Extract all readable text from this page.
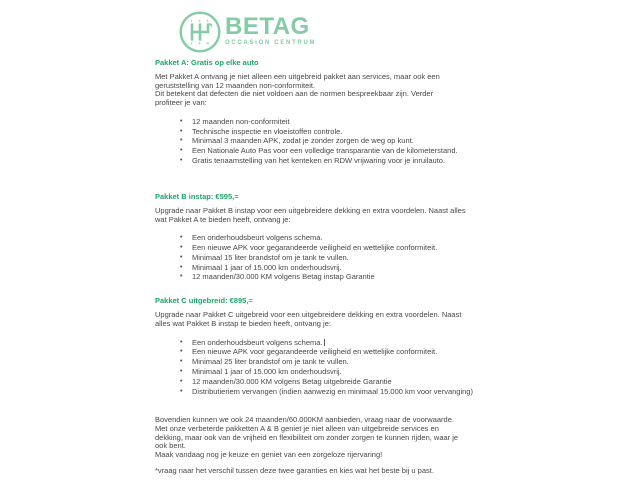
1 3 5
2 4 R
BETAG
OCCASION CENTRUM
Pakket A: Gratis op elke auto
Met Pakket A ontvang je niet alleen een uitgebreid pakket aan services, maar ook een
geruststelling van 12 maanden non-conformiteit.
Dit betekent dat defecten die niet voldoen aan de normen bespreekbaar zijn. Verder
profiteer je van:
•	12 maanden non-conformiteit
•	Technische inspectie en vloeistoffen controle.
•	Minimaal 3 maanden APK, zodat je zonder zorgen de weg op kunt.
•	Een Nationale Auto Pas voor een volledige transparantie van de kilometerstand.
•	Gratis tenaamstelling van het kenteken en RDW vrijwaring voor je inruilauto.
Pakket B instap: €595,=
Upgrade naar Pakket B instap voor een uitgebreidere dekking en extra voordelen. Naast alles
wat Pakket A te bieden heeft, ontvang je:
•	Een onderhoudsbeurt volgens schema.
•	Een nieuwe APK voor gegarandeerde veiligheid en wettelijke conformiteit.
•	Minimaal 15 liter brandstof om je tank te vullen.
•	Minimaal 1 jaar of 15.000 km onderhoudsvrij.
•	12 maanden/30.000 KM volgens Betag instap Garantie
Pakket C uitgebreid: €895,=
Upgrade naar Pakket C uitgebreid voor een uitgebreidere dekking en extra voordelen. Naast
alles wat Pakket B instap te bieden heeft, ontvang je:
•	Een onderhoudsbeurt volgens schema.
•	Een nieuwe APK voor gegarandeerde veiligheid en wettelijke conformiteit.
•	Minimaal 25 liter brandstof om je tank te vullen.
•	Minimaal 1 jaar of 15.000 km onderhoudsvrij.
•	12 maanden/30.000 KM volgens Betag uitgebreide Garantie
•	Distributieriem vervangen (indien aanwezig en minimaal 15.000 km voor vervanging)
Bovendien kunnen we ook 24 maanden/60.000KM aanbieden, vraag naar de voorwaarde.
Met onze verbeterde pakketten A & B geniet je niet alleen van uitgebreide services en
dekking, maar ook van de vrijheid en flexibiliteit om zonder zorgen te kunnen rijden, waar je
ook bent.
Maak vandaag nog je keuze en geniet van een zorgeloze rijervaring!
*vraag naar het verschil tussen deze twee garanties en kies wat het beste bij u past.
